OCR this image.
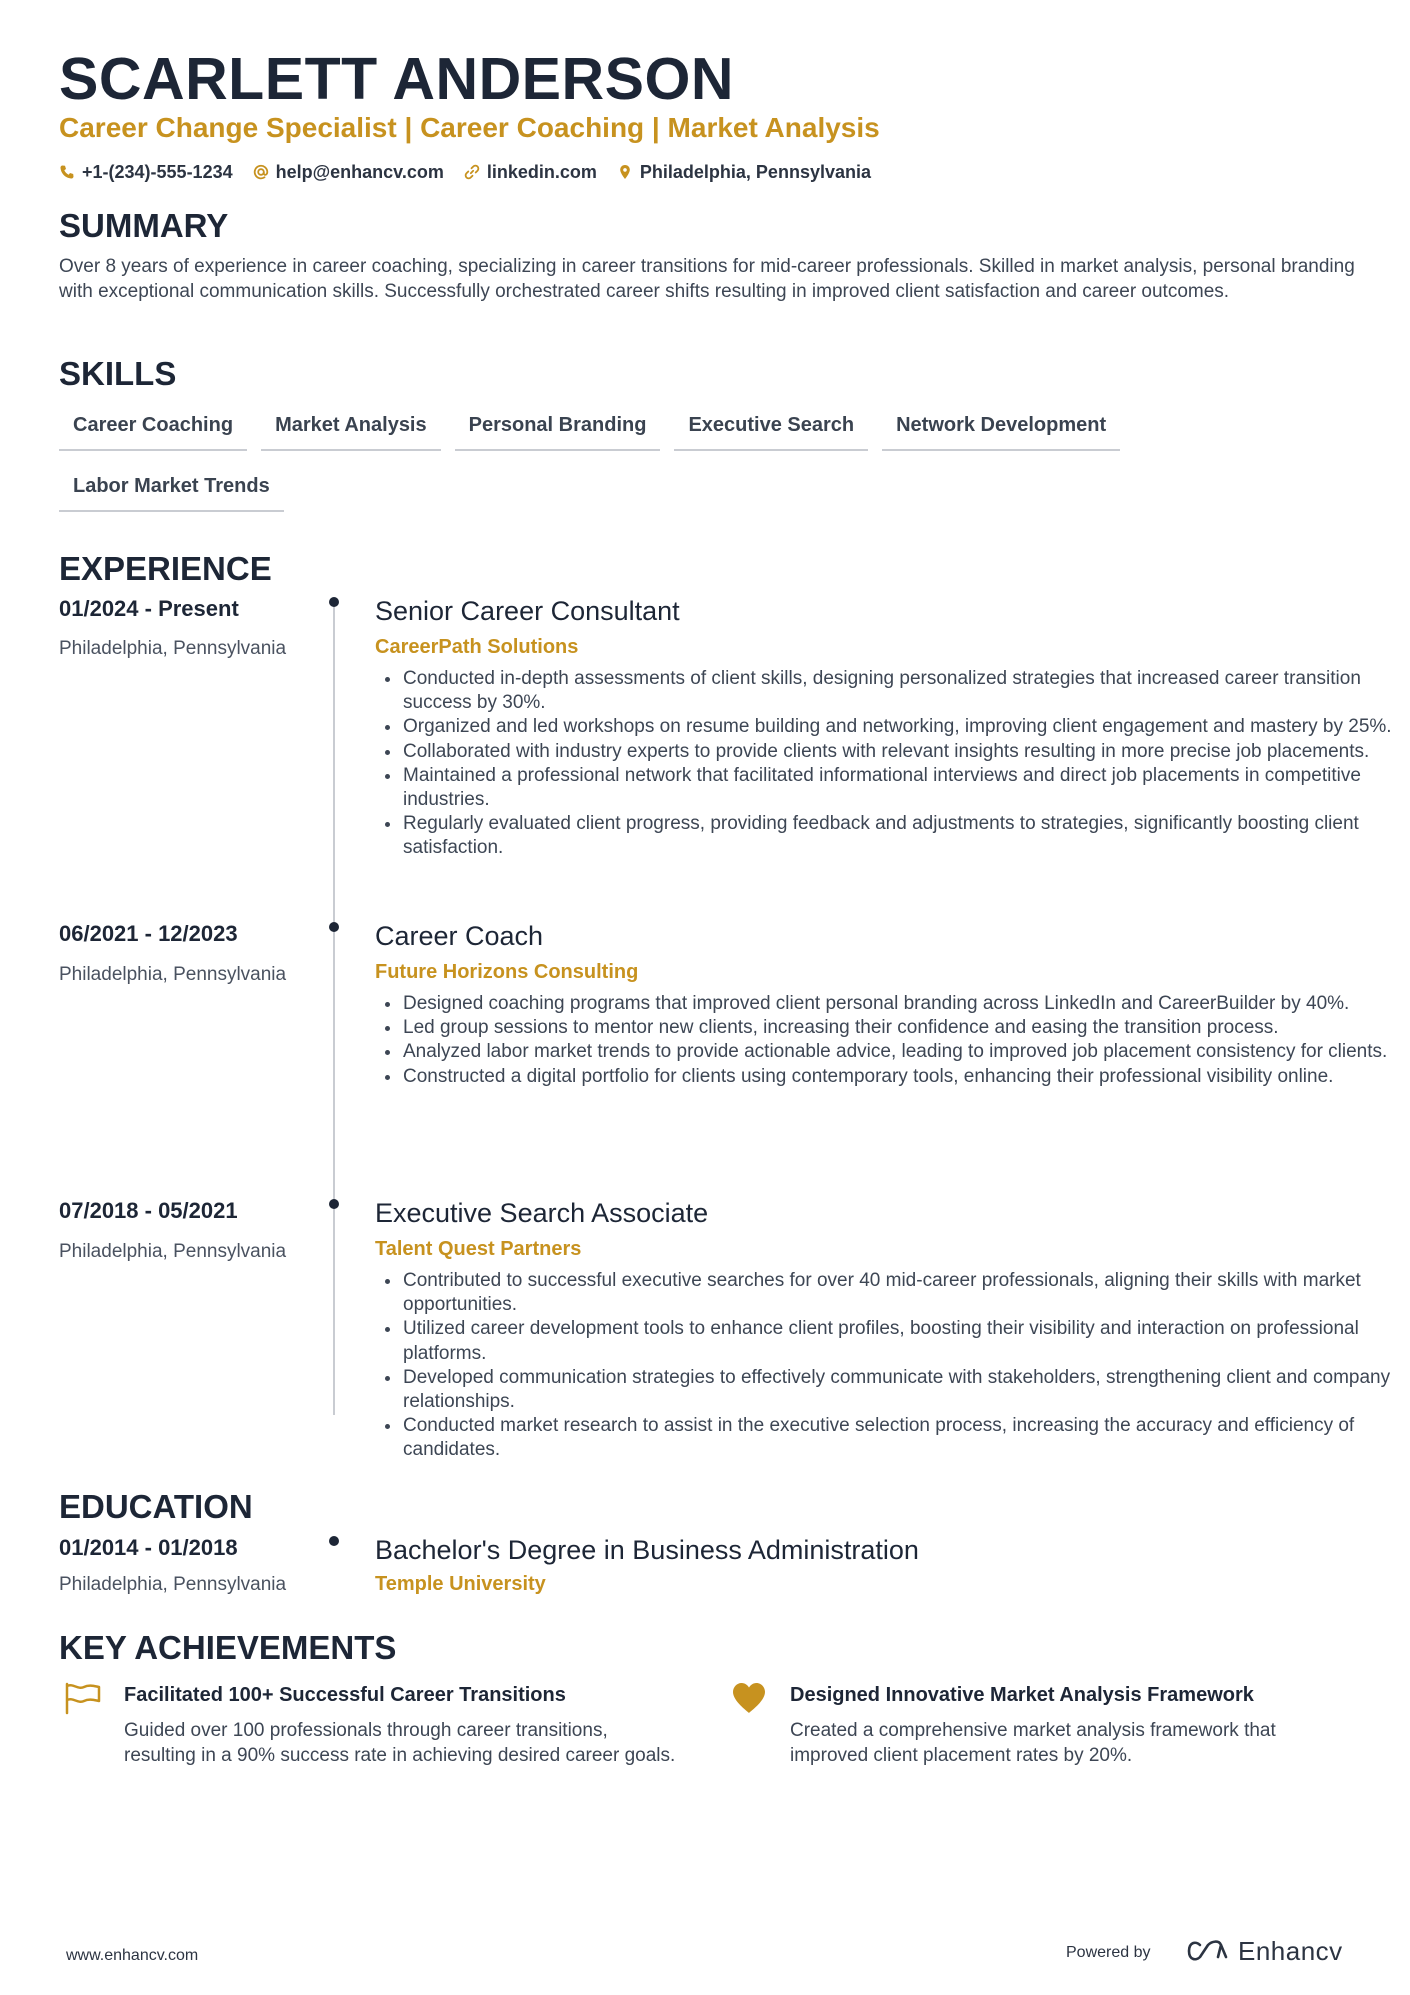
SCARLETT ANDERSON
Career Change Specialist | Career Coaching | Market Analysis
+1-(234)-555-1234 help@enhancv.com linkedin.com Philadelphia, Pennsylvania
SUMMARY
Over 8 years of experience in career coaching, specializing in career transitions for mid-career professionals. Skilled in market analysis, personal branding with exceptional communication skills. Successfully orchestrated career shifts resulting in improved client satisfaction and career outcomes.
SKILLS
Career Coaching	Market Analysis	Personal Branding	Executive Search	Network Development
Labor Market Trends
EXPERIENCE
01/2024 - Present
Philadelphia, Pennsylvania
Senior Career Consultant
CareerPath Solutions
Conducted in-depth assessments of client skills, designing personalized strategies that increased career transition success by 30%.
Organized and led workshops on resume building and networking, improving client engagement and mastery by 25%.
Collaborated with industry experts to provide clients with relevant insights resulting in more precise job placements.
Maintained a professional network that facilitated informational interviews and direct job placements in competitive industries.
Regularly evaluated client progress, providing feedback and adjustments to strategies, significantly boosting client satisfaction.
06/2021 - 12/2023
Philadelphia, Pennsylvania
Career Coach
Future Horizons Consulting
Designed coaching programs that improved client personal branding across LinkedIn and CareerBuilder by 40%.
Led group sessions to mentor new clients, increasing their confidence and easing the transition process.
Analyzed labor market trends to provide actionable advice, leading to improved job placement consistency for clients.
Constructed a digital portfolio for clients using contemporary tools, enhancing their professional visibility online.
07/2018 - 05/2021
Philadelphia, Pennsylvania
Executive Search Associate
Talent Quest Partners
Contributed to successful executive searches for over 40 mid-career professionals, aligning their skills with market opportunities.
Utilized career development tools to enhance client profiles, boosting their visibility and interaction on professional platforms.
Developed communication strategies to effectively communicate with stakeholders, strengthening client and company relationships.
Conducted market research to assist in the executive selection process, increasing the accuracy and efficiency of candidates.
EDUCATION
01/2014 - 01/2018
Philadelphia, Pennsylvania
Bachelor's Degree in Business Administration
Temple University
KEY ACHIEVEMENTS
Facilitated 100+ Successful Career Transitions
Guided over 100 professionals through career transitions, resulting in a 90% success rate in achieving desired career goals.
Designed Innovative Market Analysis Framework
Created a comprehensive market analysis framework that improved client placement rates by 20%.
www.enhancv.com	Powered by	Enhancv
